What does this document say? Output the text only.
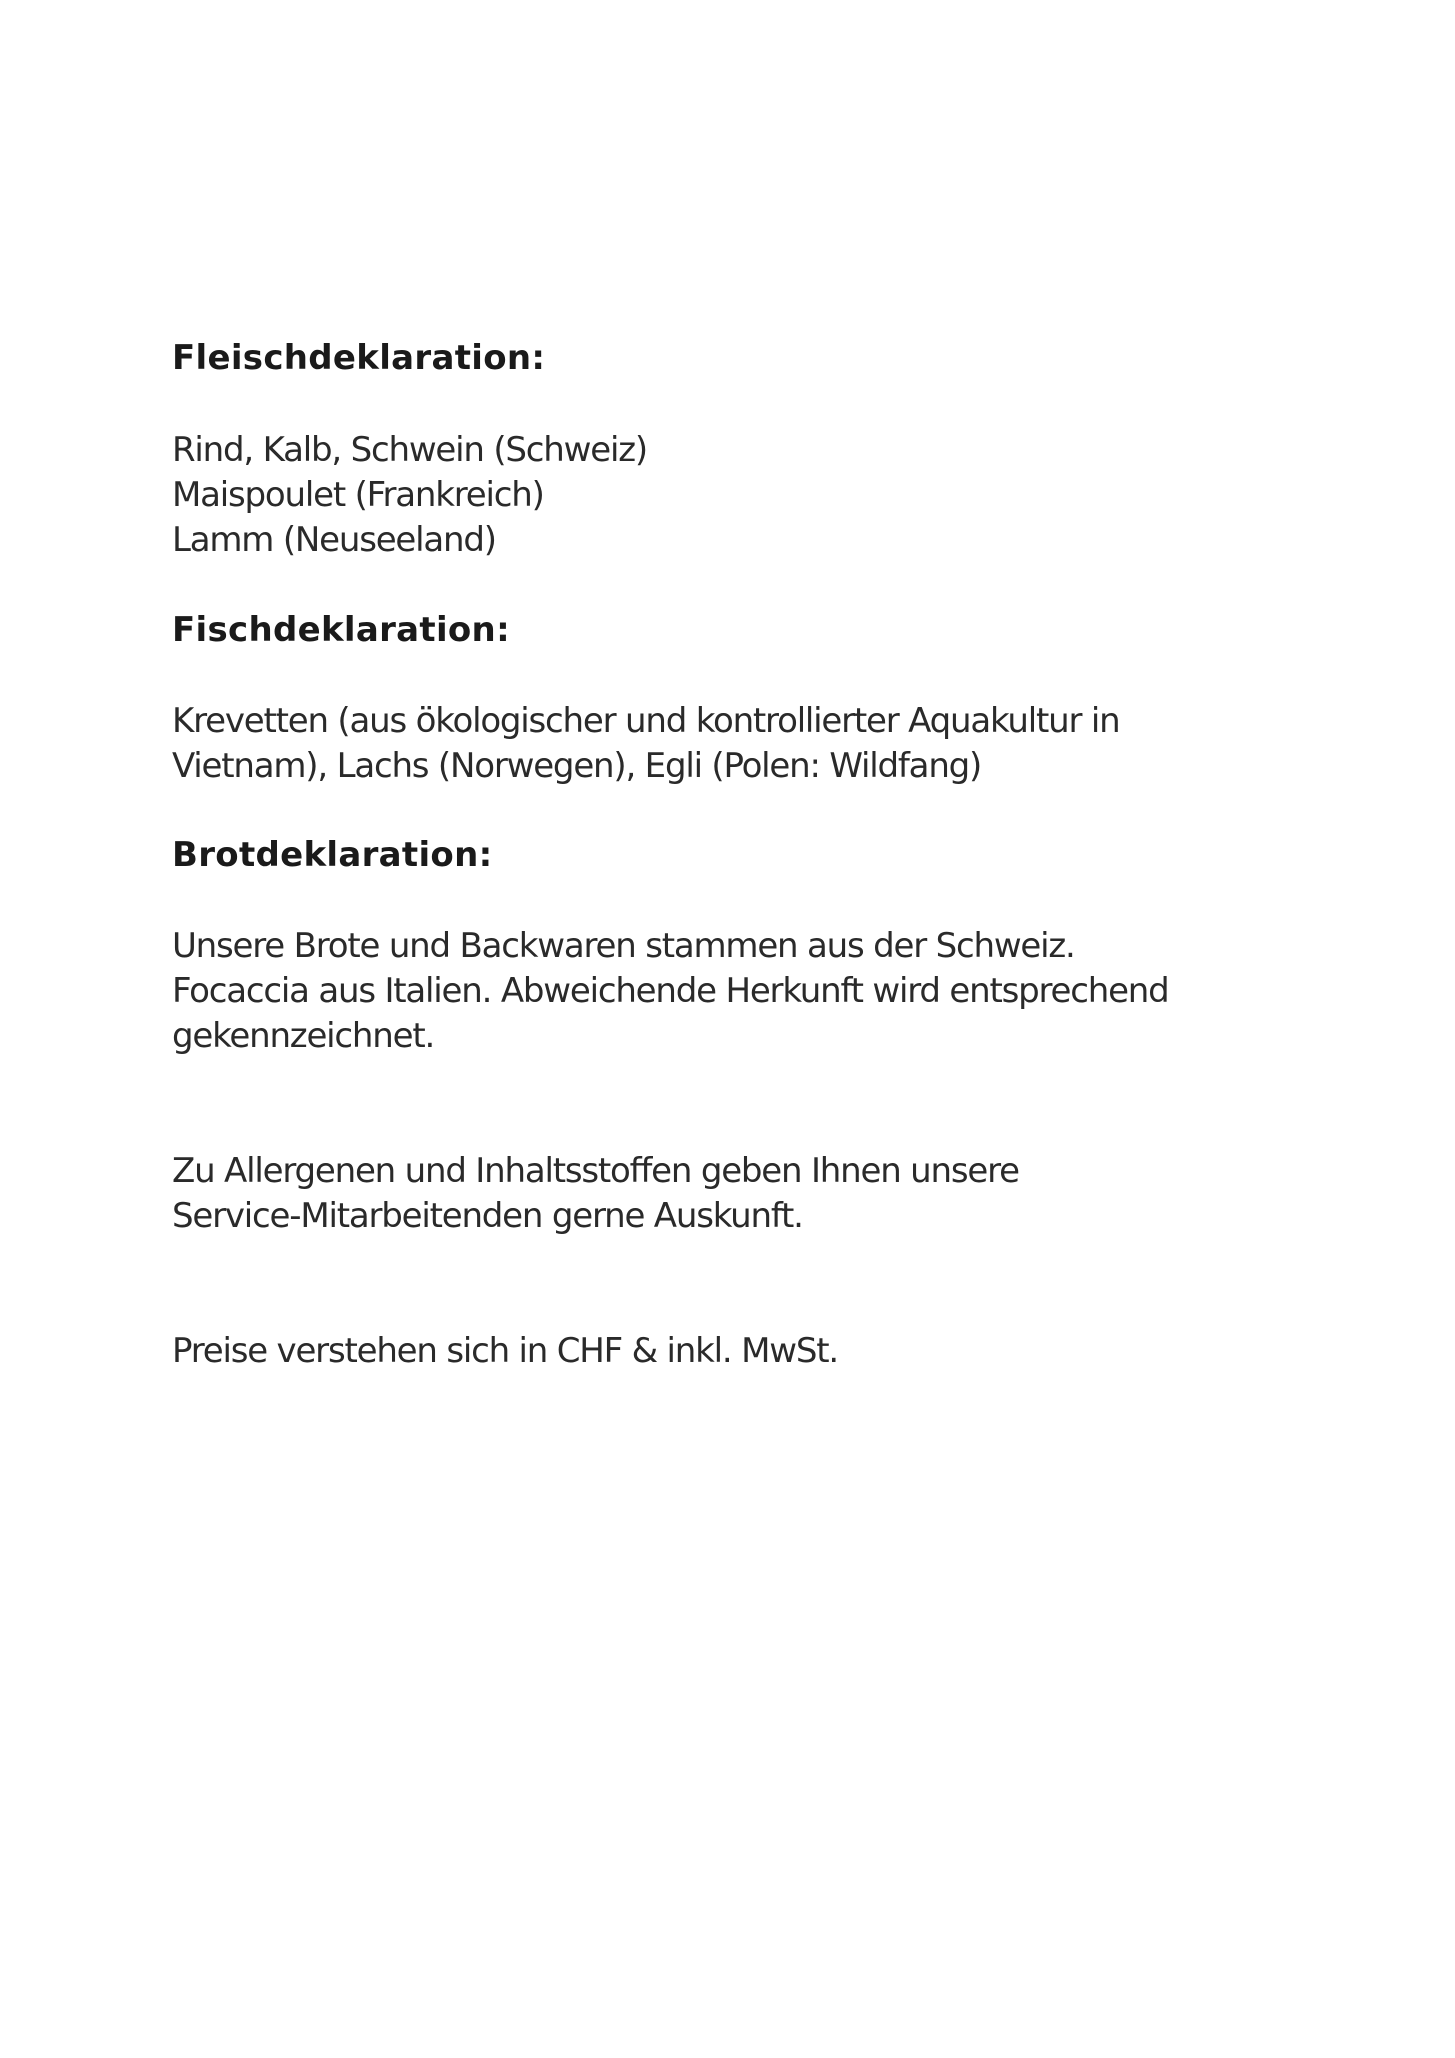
Fleischdeklaration:

Rind, Kalb, Schwein (Schweiz)
Maispoulet (Frankreich)
Lamm (Neuseeland)

Fischdeklaration:

Krevetten (aus ökologischer und kontrollierter Aquakultur in
Vietnam), Lachs (Norwegen), Egli (Polen: Wildfang)

Brotdeklaration:

Unsere Brote und Backwaren stammen aus der Schweiz.
Focaccia aus Italien. Abweichende Herkunft wird entsprechend
gekennzeichnet.

Zu Allergenen und Inhaltsstoffen geben Ihnen unsere
Service-Mitarbeitenden gerne Auskunft.

Preise verstehen sich in CHF & inkl. MwSt.
